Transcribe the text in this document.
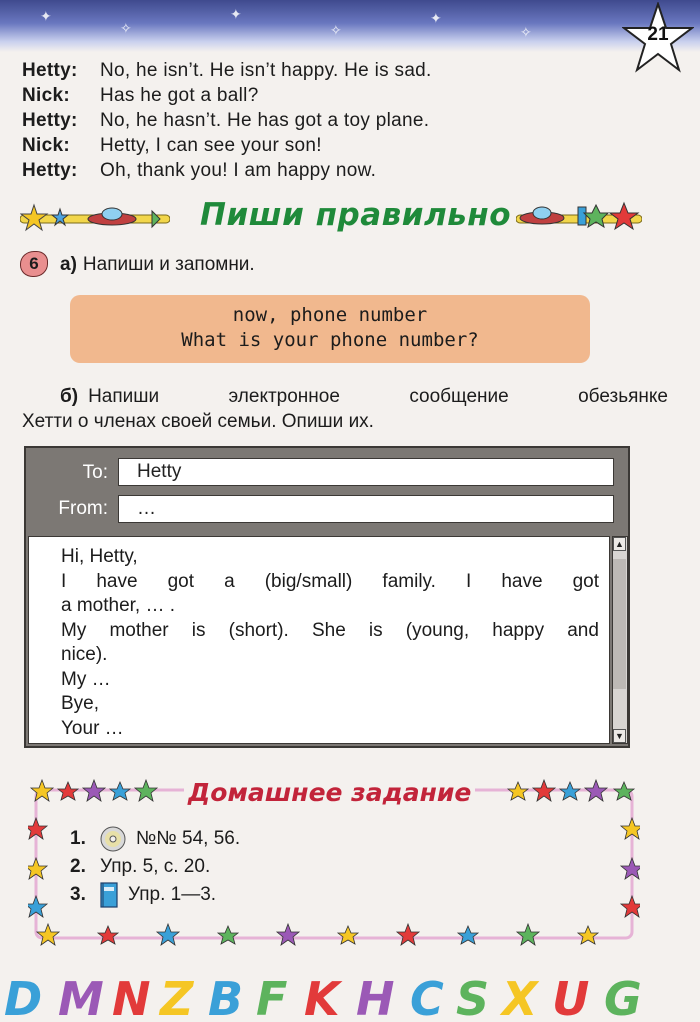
✦
✧
✦
✧
✦
✧	21
Hetty:	No, he isn’t. He isn’t happy. He is sad.
Nick:	Has he got a ball?
Hetty:	No, he hasn’t. He has got a toy plane.
Nick:	Hetty, I can see your son!
Hetty:	Oh, thank you! I am happy now.
Пиши правильно
6	а) Напиши и запомни.
now, phone number
What is your phone number?
б) Напиши	электронное	сообщение	обезьянке
Хетти о членах своей семьи. Опиши их.
To:	Hetty
From:	…
Hi, Hetty,
I have got a (big/small) family. I have got
a mother, … .
My mother is (short). She is (young, happy and
nice).
My …
Bye,
Your …
▲
▼
Домашнее задание
1.	№№ 54, 56.
2. Упр. 5, с. 20.
3.	Упр. 1—3.
D M N Z B F K H C S X U G
